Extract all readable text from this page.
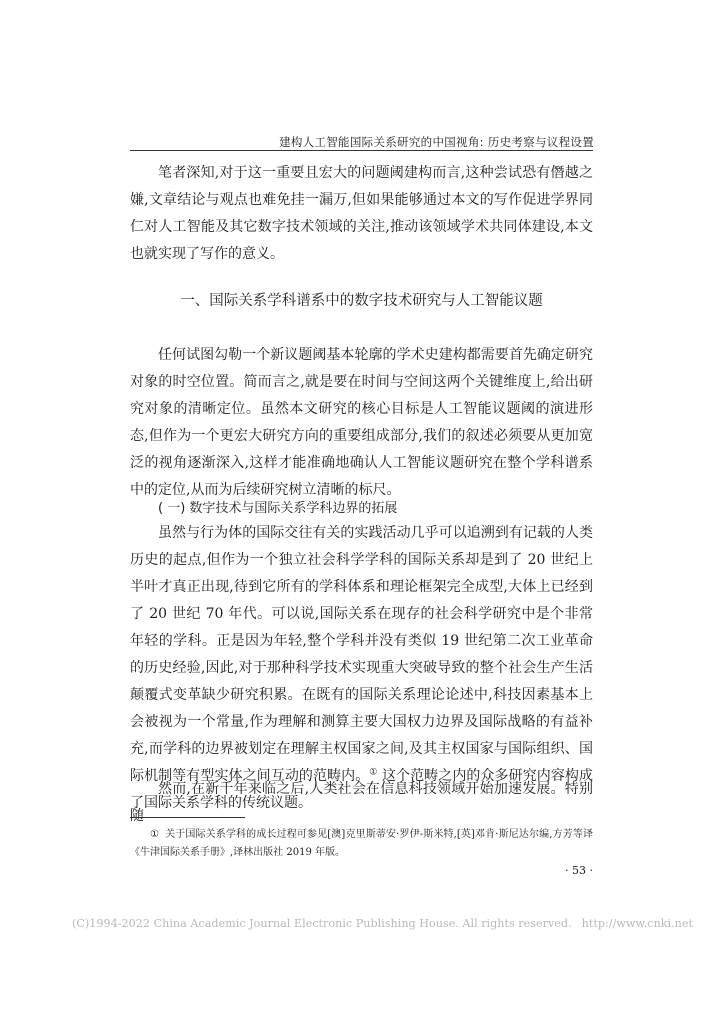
建构人工智能国际关系研究的中国视角: 历史考察与议程设置

笔者深知,对于这一重要且宏大的问题阈建构而言,这种尝试恐有僭越之嫌,文章结论与观点也难免挂一漏万,但如果能够通过本文的写作促进学界同仁对人工智能及其它数字技术领域的关注,推动该领域学术共同体建设,本文也就实现了写作的意义。

一、国际关系学科谱系中的数字技术研究与人工智能议题

任何试图勾勒一个新议题阈基本轮廓的学术史建构都需要首先确定研究对象的时空位置。简而言之,就是要在时间与空间这两个关键维度上,给出研究对象的清晰定位。虽然本文研究的核心目标是人工智能议题阈的演进形态,但作为一个更宏大研究方向的重要组成部分,我们的叙述必须要从更加宽泛的视角逐渐深入,这样才能准确地确认人工智能议题研究在整个学科谱系中的定位,从而为后续研究树立清晰的标尺。

( 一) 数字技术与国际关系学科边界的拓展

虽然与行为体的国际交往有关的实践活动几乎可以追溯到有记载的人类历史的起点,但作为一个独立社会科学学科的国际关系却是到了 20 世纪上半叶才真正出现,待到它所有的学科体系和理论框架完全成型,大体上已经到了 20 世纪 70 年代。可以说,国际关系在现存的社会科学研究中是个非常年轻的学科。正是因为年轻,整个学科并没有类似 19 世纪第二次工业革命的历史经验,因此,对于那种科学技术实现重大突破导致的整个社会生产生活颠覆式变革缺少研究积累。在既有的国际关系理论论述中,科技因素基本上会被视为一个常量,作为理解和测算主要大国权力边界及国际战略的有益补充,而学科的边界被划定在理解主权国家之间,及其主权国家与国际组织、国际机制等有型实体之间互动的范畴内。① 这个范畴之内的众多研究内容构成了国际关系学科的传统议题。

然而,在新千年来临之后,人类社会在信息科技领域开始加速发展。特别随

① 关于国际关系学科的成长过程可参见[澳]克里斯蒂安·罗伊-斯米特,[英]邓肯·斯尼达尔编,方芳等译《牛津国际关系手册》,译林出版社 2019 年版。

· 53 ·
(C)1994-2022 China Academic Journal Electronic Publishing House. All rights reserved. http://www.cnki.net
